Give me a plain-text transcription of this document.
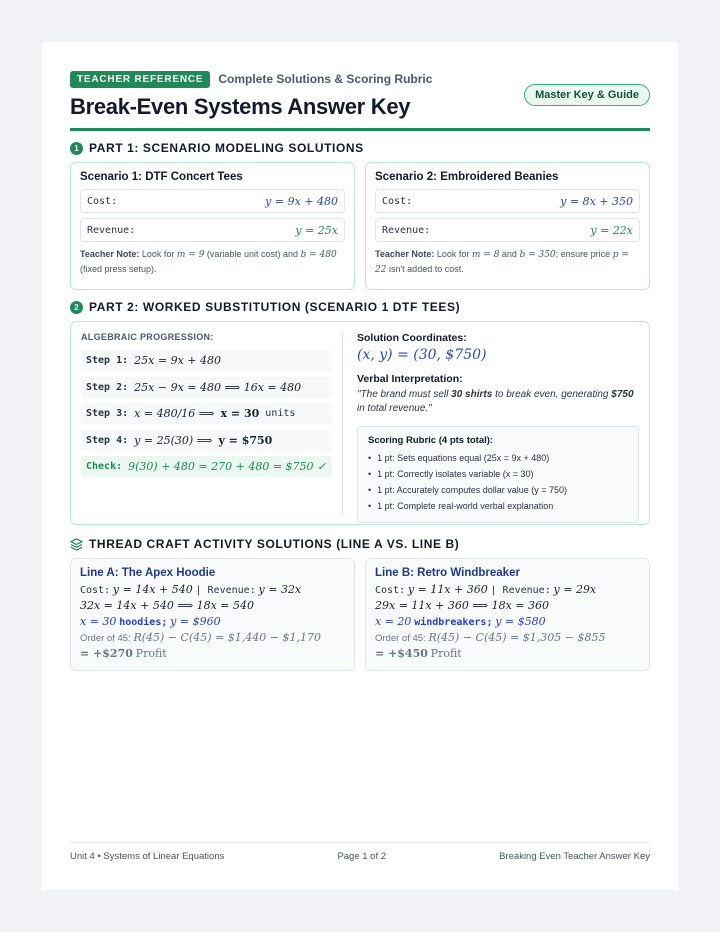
TEACHER REFERENCE	Complete Solutions & Scoring Rubric
Break-Even Systems Answer Key	Master Key & Guide
1 PART 1: SCENARIO MODELING SOLUTIONS
Scenario 1: DTF Concert Tees
Cost:	y = 9x + 480
Revenue:	y = 25x
Teacher Note: Look for m = 9 (variable unit cost) and b = 480 (fixed press setup).
Scenario 2: Embroidered Beanies
Cost:	y = 8x + 350
Revenue:	y = 22x
Teacher Note: Look for m = 8 and b = 350; ensure price p = 22 isn't added to cost.
2 PART 2: WORKED SUBSTITUTION (SCENARIO 1 DTF TEES)
ALGEBRAIC PROGRESSION:
Step 1: 25x = 9x + 480
Step 2: 25x − 9x = 480 ⟹ 16x = 480
Step 3: x = 480/16 ⟹ x = 30 units
Step 4: y = 25(30) ⟹ y = $750
Check: 9(30) + 480 = 270 + 480 = $750 ✓
Solution Coordinates:
(x, y) = (30, $750)
Verbal Interpretation:
"The brand must sell 30 shirts to break even, generating $750 in total revenue."
Scoring Rubric (4 pts total):
• 1 pt: Sets equations equal (25x = 9x + 480)
• 1 pt: Correctly isolates variable (x = 30)
• 1 pt: Accurately computes dollar value (y = 750)
• 1 pt: Complete real-world verbal explanation
THREAD CRAFT ACTIVITY SOLUTIONS (LINE A VS. LINE B)
Line A: The Apex Hoodie
Cost: y = 14x + 540 | Revenue: y = 32x
32x = 14x + 540 ⟹ 18x = 540
x = 30 hoodies; y = $960
Order of 45: R(45) − C(45) = $1,440 − $1,170
= +$270 Profit
Line B: Retro Windbreaker
Cost: y = 11x + 360 | Revenue: y = 29x
29x = 11x + 360 ⟹ 18x = 360
x = 20 windbreakers; y = $580
Order of 45: R(45) − C(45) = $1,305 − $855
= +$450 Profit
Unit 4 • Systems of Linear Equations	Page 1 of 2	Breaking Even Teacher Answer Key
